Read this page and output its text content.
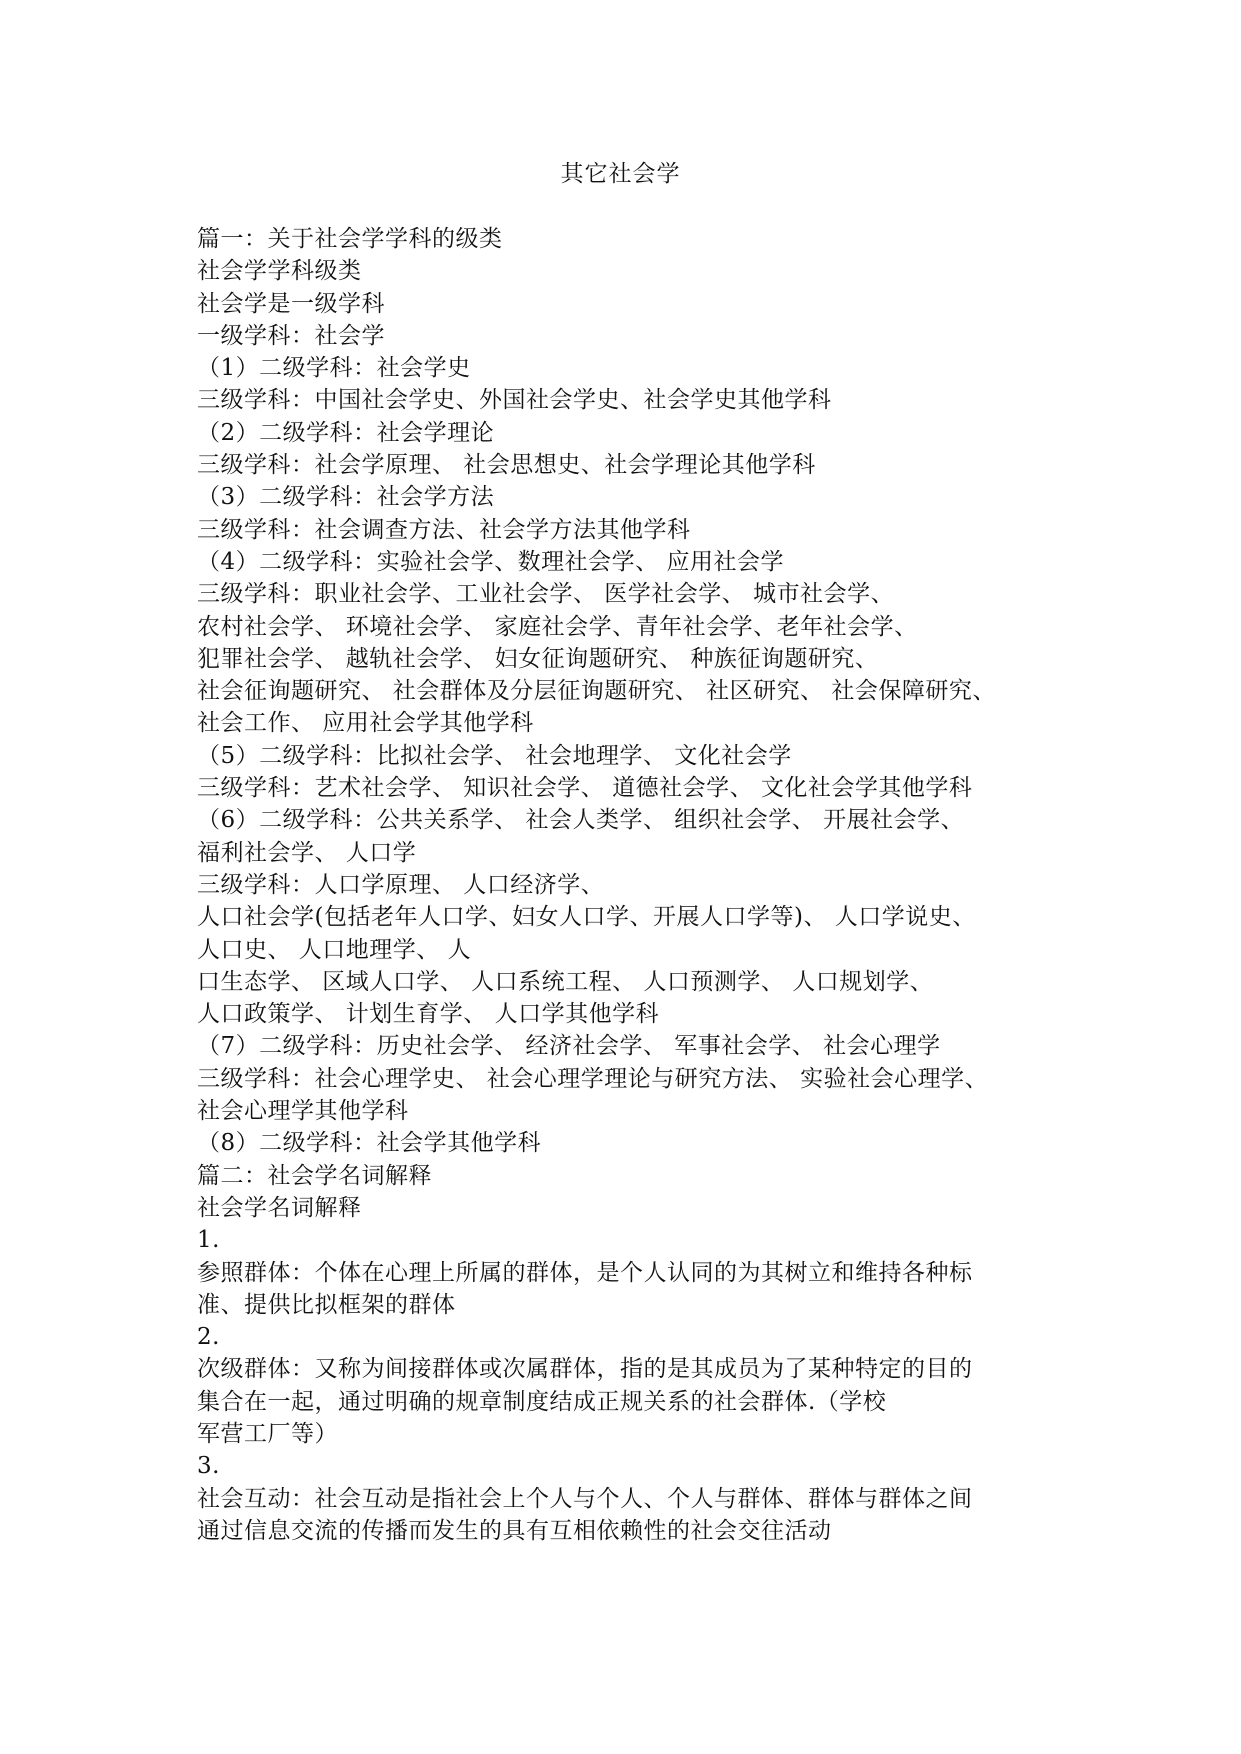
其它社会学
篇一：关于社会学学科的级类
社会学学科级类
社会学是一级学科
一级学科：社会学
（1）二级学科：社会学史
三级学科：中国社会学史、外国社会学史、社会学史其他学科
（2）二级学科：社会学理论
三级学科：社会学原理、 社会思想史、社会学理论其他学科
（3）二级学科：社会学方法
三级学科：社会调查方法、社会学方法其他学科
（4）二级学科：实验社会学、数理社会学、 应用社会学
三级学科：职业社会学、工业社会学、 医学社会学、 城市社会学、
农村社会学、 环境社会学、 家庭社会学、青年社会学、老年社会学、
犯罪社会学、 越轨社会学、 妇女征询题研究、 种族征询题研究、
社会征询题研究、 社会群体及分层征询题研究、 社区研究、 社会保障研究、
社会工作、 应用社会学其他学科
（5）二级学科：比拟社会学、 社会地理学、 文化社会学
三级学科：艺术社会学、 知识社会学、 道德社会学、 文化社会学其他学科
（6）二级学科：公共关系学、 社会人类学、 组织社会学、 开展社会学、
福利社会学、 人口学
三级学科：人口学原理、 人口经济学、
人口社会学(包括老年人口学、妇女人口学、开展人口学等)、 人口学说史、
人口史、 人口地理学、 人
口生态学、 区域人口学、 人口系统工程、 人口预测学、 人口规划学、
人口政策学、 计划生育学、 人口学其他学科
（7）二级学科：历史社会学、 经济社会学、 军事社会学、 社会心理学
三级学科：社会心理学史、 社会心理学理论与研究方法、 实验社会心理学、
社会心理学其他学科
（8）二级学科：社会学其他学科
篇二：社会学名词解释
社会学名词解释
1.
参照群体：个体在心理上所属的群体，是个人认同的为其树立和维持各种标
准、提供比拟框架的群体
2.
次级群体：又称为间接群体或次属群体，指的是其成员为了某种特定的目的
集合在一起，通过明确的规章制度结成正规关系的社会群体.（学校
军营工厂等）
3.
社会互动：社会互动是指社会上个人与个人、个人与群体、群体与群体之间
通过信息交流的传播而发生的具有互相依赖性的社会交往活动
